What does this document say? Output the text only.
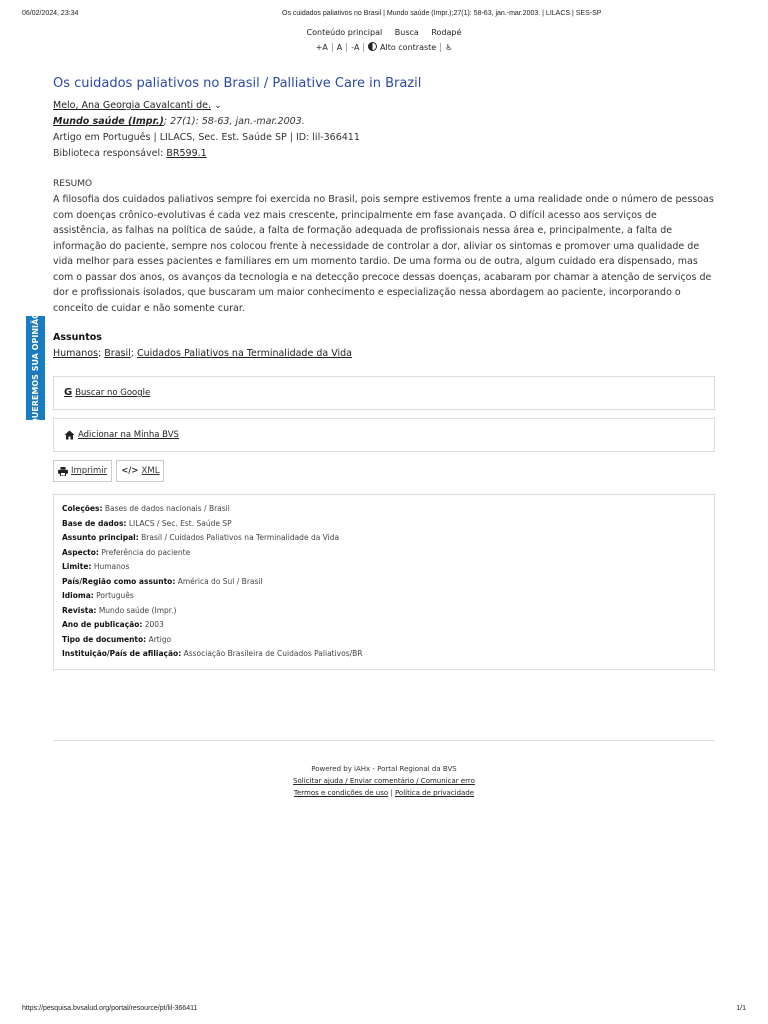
06/02/2024, 23:34	Os cuidados paliativos no Brasil | Mundo saúde (Impr.);27(1): 58-63, jan.-mar.2003. | LILACS | SES-SP
Conteúdo principal Busca Rodapé
+A A -A	Alto contraste ♿
QUEREMOS SUA OPINIÃO
Os cuidados paliativos no Brasil / Palliative Care in Brazil
Melo, Ana Georgia Cavalcanti de. ⌄
Mundo saúde (Impr.); 27(1): 58-63, jan.-mar.2003.
Artigo em Português | LILACS, Sec. Est. Saúde SP | ID: lil-366411
Biblioteca responsável: BR599.1
RESUMO
A filosofia dos cuidados paliativos sempre foi exercida no Brasil, pois sempre estivemos frente a uma realidade onde o número de pessoas com doenças crônico-evolutivas é cada vez mais crescente, principalmente em fase avançada. O difícil acesso aos serviços de assistência, as falhas na política de saúde, a falta de formação adequada de profissionais nessa área e, principalmente, a falta de informação do paciente, sempre nos colocou frente à necessidade de controlar a dor, aliviar os sintomas e promover uma qualidade de vida melhor para esses pacientes e familiares em um momento tardio. De uma forma ou de outra, algum cuidado era dispensado, mas com o passar dos anos, os avanços da tecnologia e na detecção precoce dessas doenças, acabaram por chamar a atenção de serviços de dor e profissionais isolados, que buscaram um maior conhecimento e especialização nessa abordagem ao paciente, incorporando o conceito de cuidar e não somente curar.
Assuntos
Humanos; Brasil; Cuidados Paliativos na Terminalidade da Vida
G Buscar no Google
Adicionar na Minha BVS
Imprimir </> XML
Coleções: Bases de dados nacionais / Brasil
Base de dados: LILACS / Sec. Est. Saúde SP
Assunto principal: Brasil / Cuidados Paliativos na Terminalidade da Vida
Aspecto: Preferência do paciente
Limite: Humanos
País/Região como assunto: América do Sul / Brasil
Idioma: Português
Revista: Mundo saúde (Impr.)
Ano de publicação: 2003
Tipo de documento: Artigo
Instituição/País de afiliação: Associação Brasileira de Cuidados Paliativos/BR
Powered by iAHx - Portal Regional da BVS
Solicitar ajuda / Enviar comentário / Comunicar erro
Termos e condições de uso | Política de privacidade
https://pesquisa.bvsalud.org/portal/resource/pt/lil-366411	1/1
